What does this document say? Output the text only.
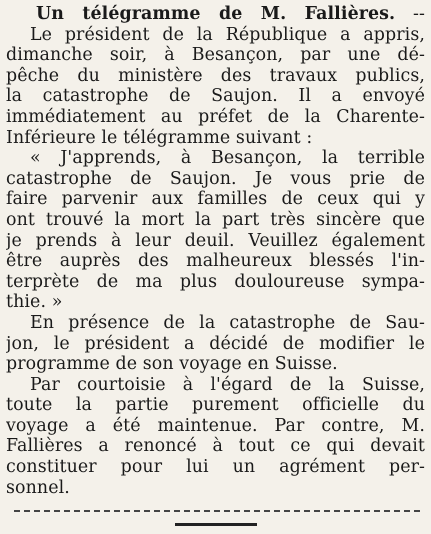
Un télégramme de M. Fallières. --
Le président de la République a appris,
dimanche soir, à Besançon, par une dé-
pêche du ministère des travaux publics,
la catastrophe de Saujon. Il a envoyé
immédiatement au préfet de la Charente-
Inférieure le télégramme suivant :
« J'apprends, à Besançon, la terrible
catastrophe de Saujon. Je vous prie de
faire parvenir aux familles de ceux qui y
ont trouvé la mort la part très sincère que
je prends à leur deuil. Veuillez également
être auprès des malheureux blessés l'in-
terprète de ma plus douloureuse sympa-
thie. »
En présence de la catastrophe de Sau-
jon, le président a décidé de modifier le
programme de son voyage en Suisse.
Par courtoisie à l'égard de la Suisse,
toute la partie purement officielle du
voyage a été maintenue. Par contre, M.
Fallières a renoncé à tout ce qui devait
constituer pour lui un agrément per-
sonnel.
